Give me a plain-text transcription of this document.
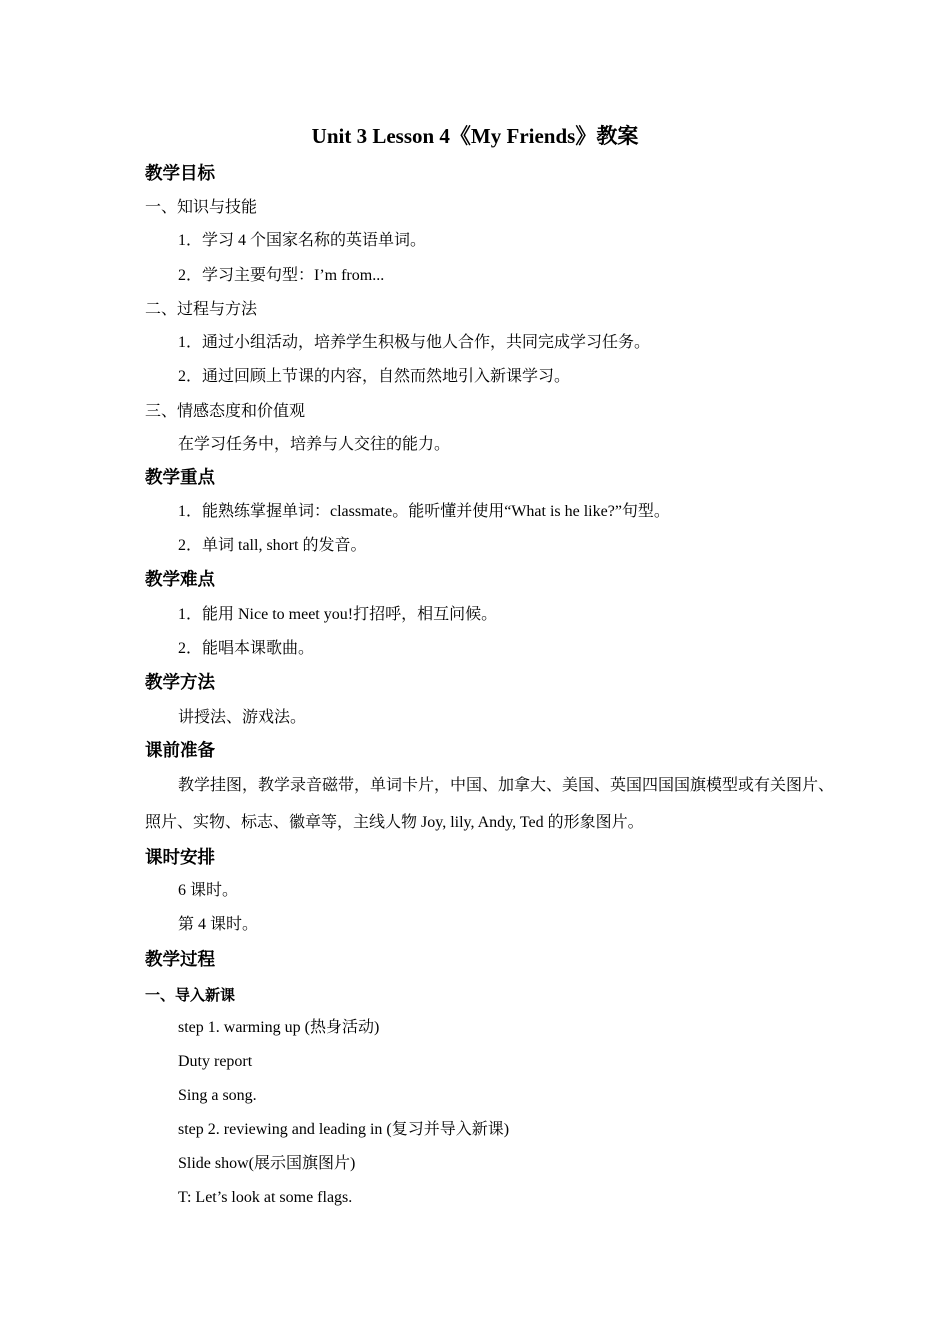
Unit 3 Lesson 4《My Friends》教案
教学目标
一、知识与技能
1．学习 4 个国家名称的英语单词。
2．学习主要句型：I’m from...
二、过程与方法
1．通过小组活动，培养学生积极与他人合作，共同完成学习任务。
2．通过回顾上节课的内容，自然而然地引入新课学习。
三、情感态度和价值观
在学习任务中，培养与人交往的能力。
教学重点
1．能熟练掌握单词：classmate。能听懂并使用“What is he like?”句型。
2．单词 tall, short 的发音。
教学难点
1．能用 Nice to meet you!打招呼，相互问候。
2．能唱本课歌曲。
教学方法
讲授法、游戏法。
课前准备
教学挂图，教学录音磁带，单词卡片，中国、加拿大、美国、英国四国国旗模型或有关图片、
照片、实物、标志、徽章等，主线人物 Joy, lily, Andy, Ted 的形象图片。
课时安排
6 课时。
第 4 课时。
教学过程
一、导入新课
step 1. warming up (热身活动)
Duty report
Sing a song.
step 2. reviewing and leading in (复习并导入新课)
Slide show(展示国旗图片)
T: Let’s look at some flags.
